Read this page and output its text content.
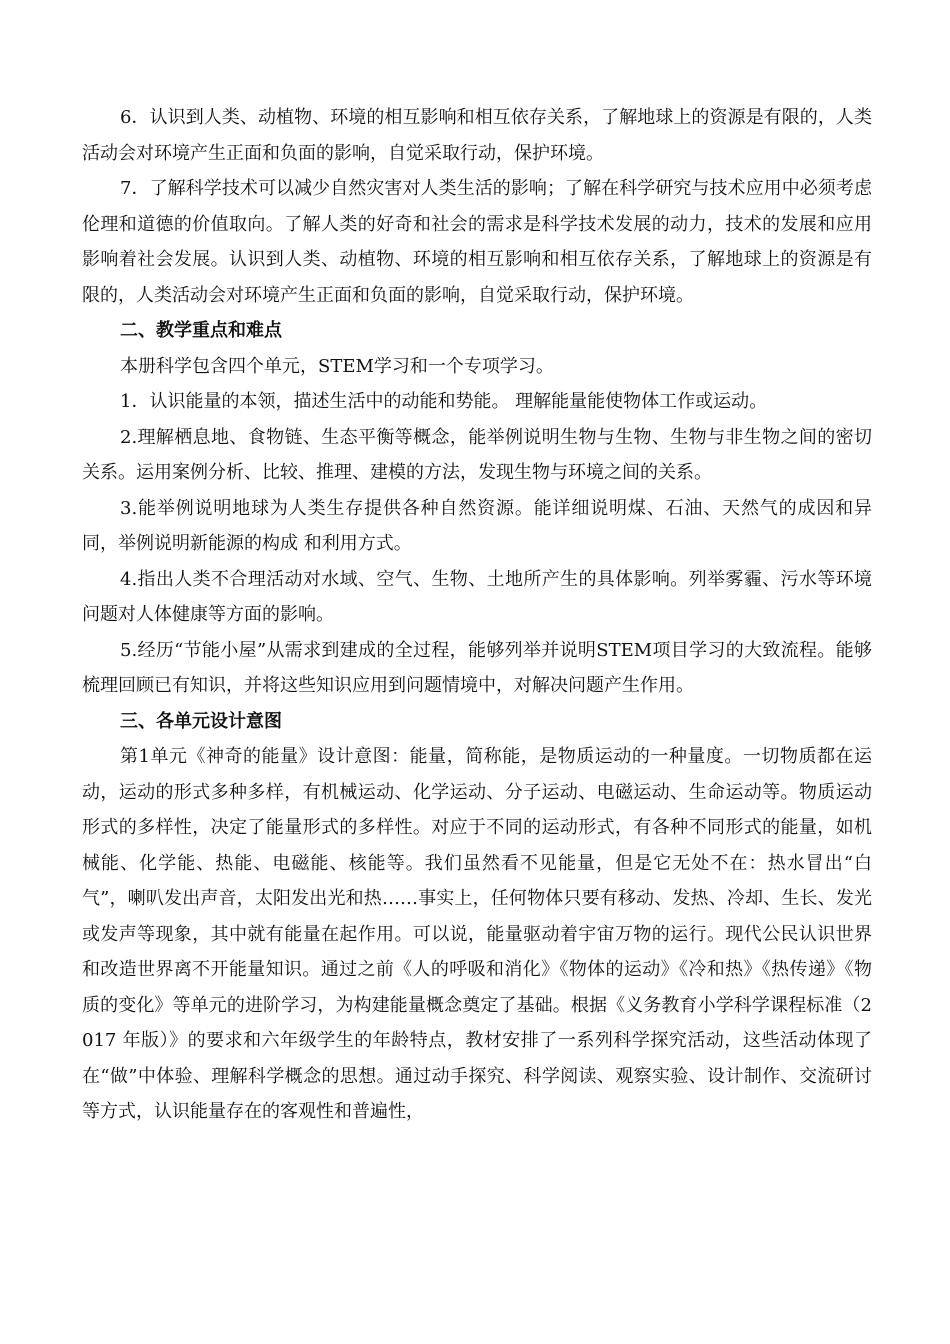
6．认识到人类、动植物、环境的相互影响和相互依存关系，了解地球上的资源是有限的，人类活动会对环境产生正面和负面的影响，自觉采取行动，保护环境。

7．了解科学技术可以减少自然灾害对人类生活的影响；了解在科学研究与技术应用中必须考虑伦理和道德的价值取向。了解人类的好奇和社会的需求是科学技术发展的动力，技术的发展和应用影响着社会发展。认识到人类、动植物、环境的相互影响和相互依存关系，了解地球上的资源是有限的，人类活动会对环境产生正面和负面的影响，自觉采取行动，保护环境。

二、教学重点和难点

本册科学包含四个单元，STEM学习和一个专项学习。

1．认识能量的本领，描述生活中的动能和势能。 理解能量能使物体工作或运动。

2.理解栖息地、食物链、生态平衡等概念，能举例说明生物与生物、生物与非生物之间的密切关系。运用案例分析、比较、推理、建模的方法，发现生物与环境之间的关系。

3.能举例说明地球为人类生存提供各种自然资源。能详细说明煤、石油、天然气的成因和异同，举例说明新能源的构成 和利用方式。

4.指出人类不合理活动对水域、空气、生物、土地所产生的具体影响。列举雾霾、污水等环境问题对人体健康等方面的影响。

5.经历“节能小屋”从需求到建成的全过程，能够列举并说明STEM项目学习的大致流程。能够梳理回顾已有知识，并将这些知识应用到问题情境中，对解决问题产生作用。

三、各单元设计意图

第1单元《神奇的能量》设计意图：能量，简称能，是物质运动的一种量度。一切物质都在运动，运动的形式多种多样，有机械运动、化学运动、分子运动、电磁运动、生命运动等。物质运动形式的多样性，决定了能量形式的多样性。对应于不同的运动形式，有各种不同形式的能量，如机械能、化学能、热能、电磁能、核能等。我们虽然看不见能量，但是它无处不在：热水冒出“白气”，喇叭发出声音，太阳发出光和热……事实上，任何物体只要有移动、发热、冷却、生长、发光或发声等现象，其中就有能量在起作用。可以说，能量驱动着宇宙万物的运行。现代公民认识世界和改造世界离不开能量知识。通过之前《人的呼吸和消化》《物体的运动》《冷和热》《热传递》《物质的变化》等单元的进阶学习，为构建能量概念奠定了基础。根据《义务教育小学科学课程标准（2017 年版）》的要求和六年级学生的年龄特点，教材安排了一系列科学探究活动，这些活动体现了在“做”中体验、理解科学概念的思想。通过动手探究、科学阅读、观察实验、设计制作、交流研讨等方式，认识能量存在的客观性和普遍性，
